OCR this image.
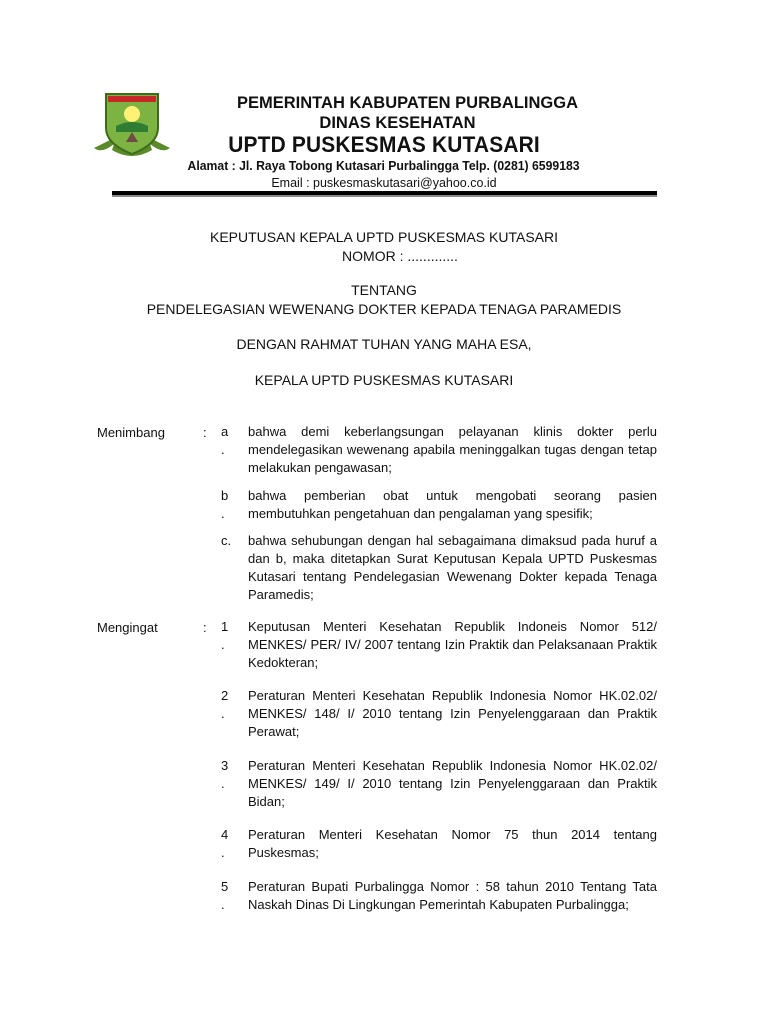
PEMERINTAH KABUPATEN PURBALINGGA
DINAS KESEHATAN
UPTD PUSKESMAS KUTASARI
Alamat : Jl. Raya Tobong Kutasari Purbalingga Telp. (0281) 6599183
Email : puskesmaskutasari@yahoo.co.id
KEPUTUSAN KEPALA UPTD PUSKESMAS KUTASARI
NOMOR : .............
TENTANG
PENDELEGASIAN WEWENANG DOKTER KEPADA TENAGA PARAMEDIS
DENGAN RAHMAT TUHAN YANG MAHA ESA,
KEPALA UPTD PUSKESMAS KUTASARI
Menimbang	: a
.
bahwa demi keberlangsungan pelayanan klinis dokter perlu mendelegasikan wewenang apabila meninggalkan tugas dengan tetap melakukan pengawasan;
b
.
bahwa pemberian obat untuk mengobati seorang pasien membutuhkan pengetahuan dan pengalaman yang spesifik;
c. bahwa sehubungan dengan hal sebagaimana dimaksud pada huruf a dan b, maka ditetapkan Surat Keputusan Kepala UPTD Puskesmas Kutasari tentang Pendelegasian Wewenang Dokter kepada Tenaga Paramedis;
Mengingat	: 1
.
Keputusan Menteri Kesehatan Republik Indoneis Nomor 512/ MENKES/ PER/ IV/ 2007 tentang Izin Praktik dan Pelaksanaan Praktik Kedokteran;
2
.
Peraturan Menteri Kesehatan Republik Indonesia Nomor HK.02.02/ MENKES/ 148/ I/ 2010 tentang Izin Penyelenggaraan dan Praktik Perawat;
3
.
Peraturan Menteri Kesehatan Republik Indonesia Nomor HK.02.02/ MENKES/ 149/ I/ 2010 tentang Izin Penyelenggaraan dan Praktik Bidan;
4
.
Peraturan Menteri Kesehatan Nomor 75 thun 2014 tentang Puskesmas;
5
.
Peraturan Bupati Purbalingga Nomor : 58 tahun 2010 Tentang Tata Naskah Dinas Di Lingkungan Pemerintah Kabupaten Purbalingga;
